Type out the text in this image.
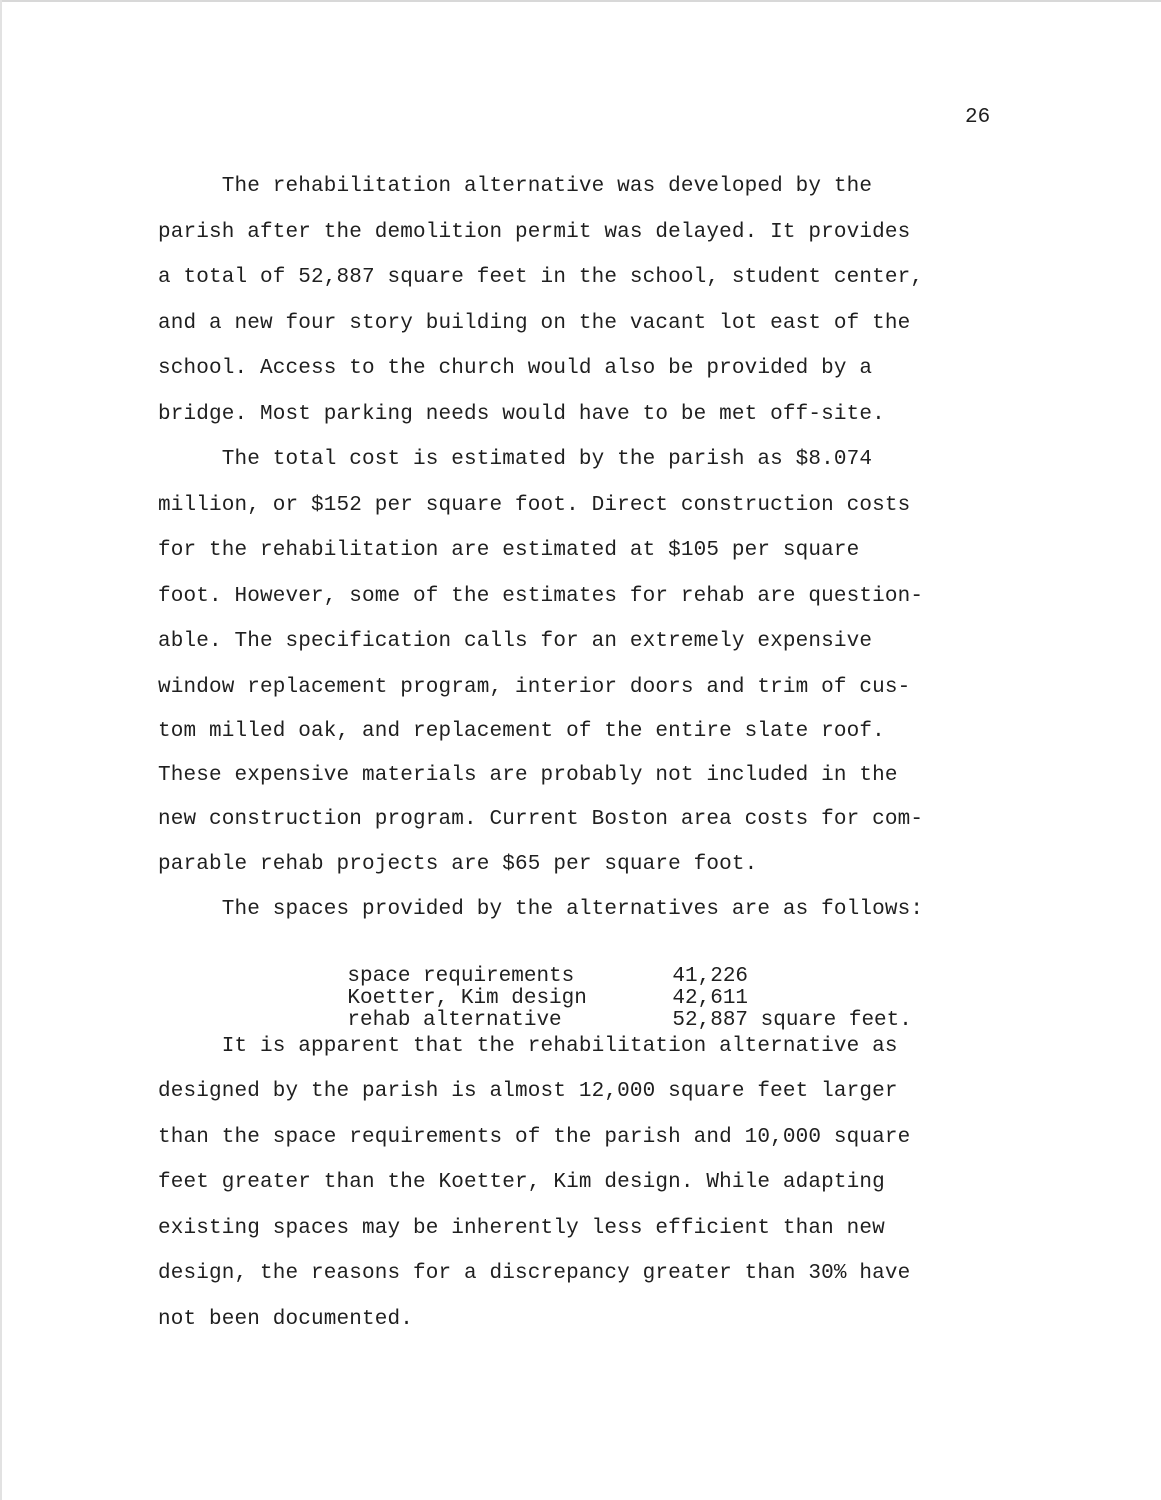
26
The rehabilitation alternative was developed by the
parish after the demolition permit was delayed. It provides
a total of 52,887 square feet in the school, student center,
and a new four story building on the vacant lot east of the
school. Access to the church would also be provided by a
bridge. Most parking needs would have to be met off-site.
The total cost is estimated by the parish as $8.074
million, or $152 per square foot. Direct construction costs
for the rehabilitation are estimated at $105 per square
foot. However, some of the estimates for rehab are question-
able. The specification calls for an extremely expensive
window replacement program, interior doors and trim of cus-
tom milled oak, and replacement of the entire slate roof.
These expensive materials are probably not included in the
new construction program. Current Boston area costs for com-
parable rehab projects are $65 per square foot.
The spaces provided by the alternatives are as follows:

space requirements	41,226

Koetter, Kim design	42,611

rehab alternative	52,887 square feet.

It is apparent that the rehabilitation alternative as
designed by the parish is almost 12,000 square feet larger
than the space requirements of the parish and 10,000 square
feet greater than the Koetter, Kim design. While adapting
existing spaces may be inherently less efficient than new
design, the reasons for a discrepancy greater than 30% have
not been documented.
